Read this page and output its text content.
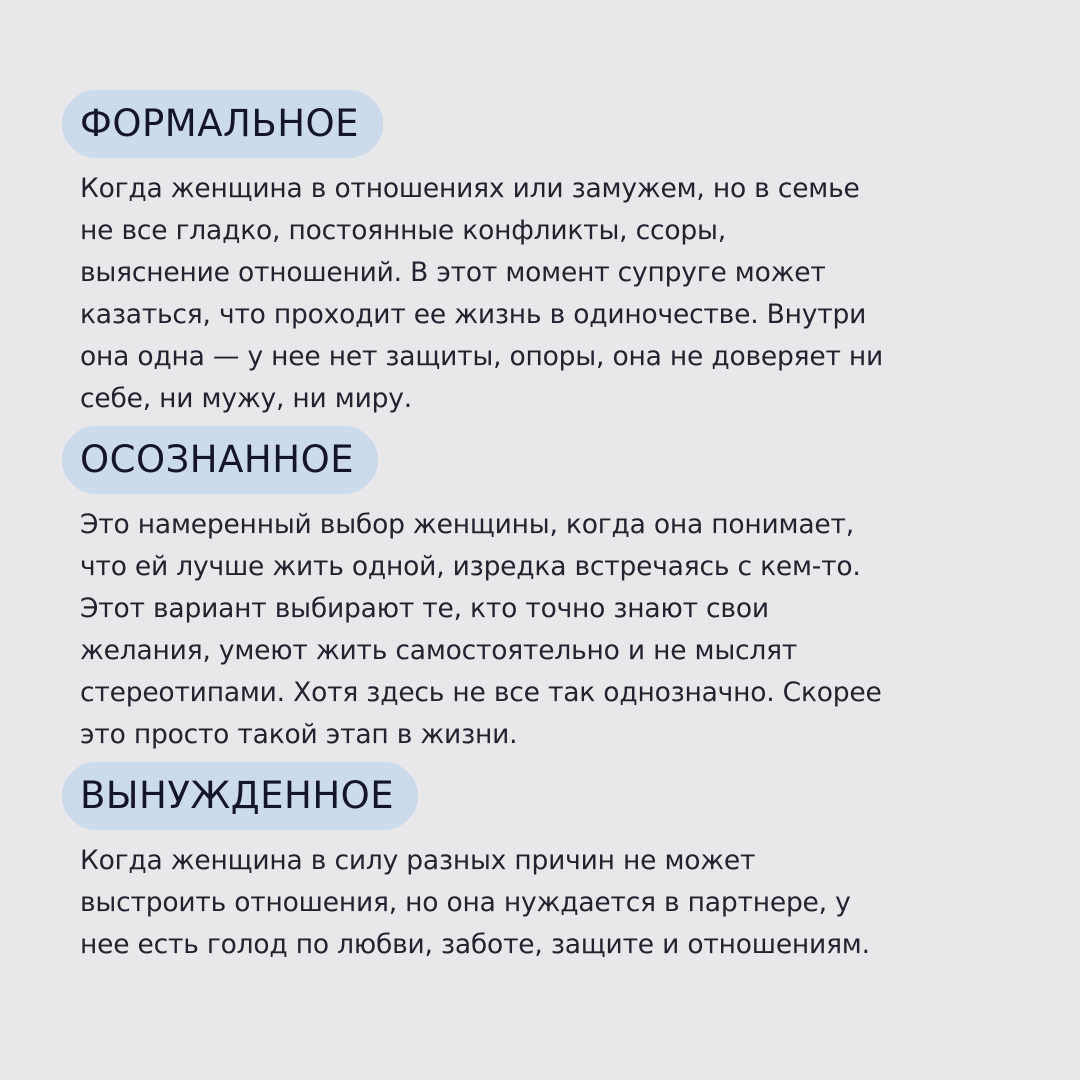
ФОРМАЛЬНОЕ
Когда женщина в отношениях или замужем, но в семье
не все гладко, постоянные конфликты, ссоры,
выяснение отношений. В этот момент супруге может
казаться, что проходит ее жизнь в одиночестве. Внутри
она одна — у нее нет защиты, опоры, она не доверяет ни
себе, ни мужу, ни миру.
ОСОЗНАННОЕ
Это намеренный выбор женщины, когда она понимает,
что ей лучше жить одной, изредка встречаясь с кем-то.
Этот вариант выбирают те, кто точно знают свои
желания, умеют жить самостоятельно и не мыслят
стереотипами. Хотя здесь не все так однозначно. Скорее
это просто такой этап в жизни.
ВЫНУЖДЕННОЕ
Когда женщина в силу разных причин не может
выстроить отношения, но она нуждается в партнере, у
нее есть голод по любви, заботе, защите и отношениям.
